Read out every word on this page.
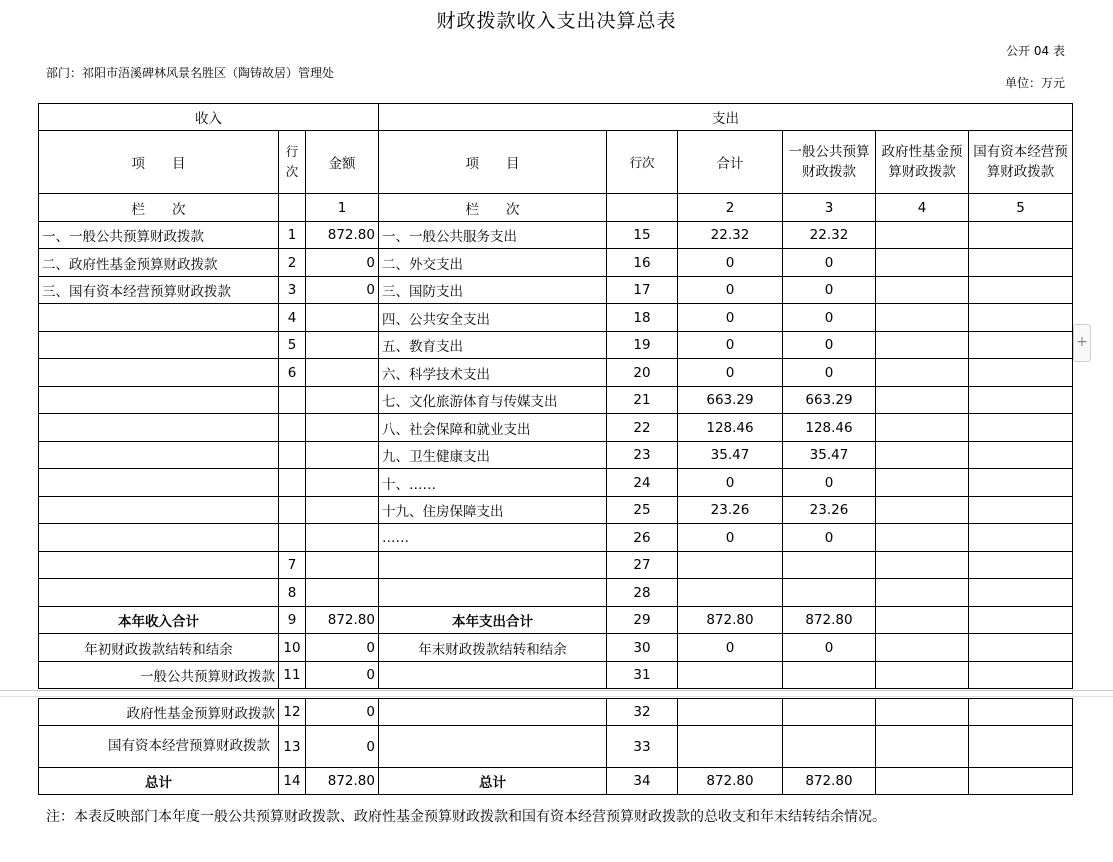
财政拨款收入支出决算总表
公开 04 表
部门：祁阳市浯溪碑林风景名胜区（陶铸故居）管理处
单位：万元
收入			支出					
项　　目	行次	金额	项　　目	行次	合计	一般公共预算财政拨款	政府性基金预算财政拨款	国有资本经营预算财政拨款
栏　　次		1	栏　　次		2	3	4	5
一、一般公共预算财政拨款	1	872.80	一、一般公共服务支出	15	22.32	22.32		
二、政府性基金预算财政拨款	2	0	二、外交支出	16	0	0		
三、国有资本经营预算财政拨款	3	0	三、国防支出	17	0	0		
	4		四、公共安全支出	18	0	0		
	5		五、教育支出	19	0	0		
	6		六、科学技术支出	20	0	0		
			七、文化旅游体育与传媒支出	21	663.29	663.29		
			八、社会保障和就业支出	22	128.46	128.46		
			九、卫生健康支出	23	35.47	35.47		
			十、……	24	0	0		
			十九、住房保障支出	25	23.26	23.26		
			……	26	0	0		
	7			27				
	8			28				
本年收入合计	9	872.80	本年支出合计	29	872.80	872.80		
年初财政拨款结转和结余	10	0	年末财政拨款结转和结余	30	0	0		
一般公共预算财政拨款	11	0		31				
政府性基金预算财政拨款	12	0		32				
国有资本经营预算财政拨款	13	0		33				
总计	14	872.80	总计	34	872.80	872.80		
+
注：本表反映部门本年度一般公共预算财政拨款、政府性基金预算财政拨款和国有资本经营预算财政拨款的总收支和年末结转结余情况。
